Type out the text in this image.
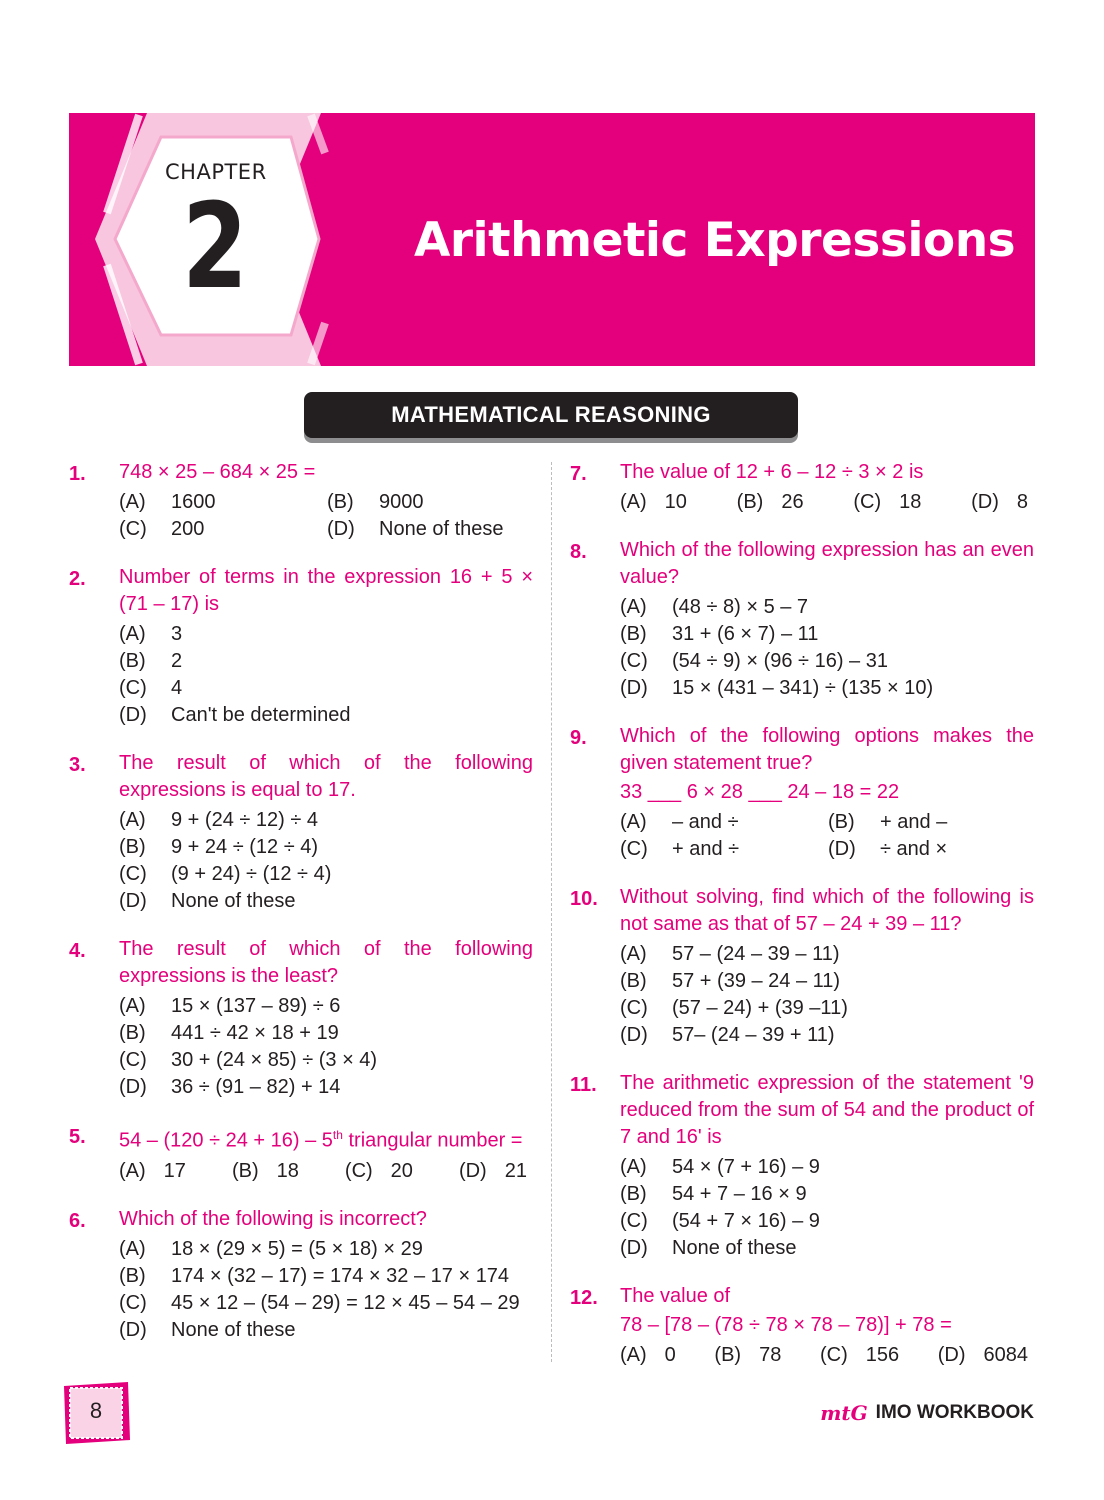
CHAPTER
2	Arithmetic Expressions
MATHEMATICAL REASONING
1. 748 × 25 – 684 × 25 =
(A)	1600	(B)	9000
(C)	200	(D)	None of these
2. Number of terms in the expression 16 + 5 × (71 – 17) is
(A)	3
(B)	2
(C)	4
(D)	Can't be determined
3. The result of which of the following expressions is equal to 17.
(A)	9 + (24 ÷ 12) ÷ 4
(B)	9 + 24 ÷ (12 ÷ 4)
(C)	(9 + 24) ÷ (12 ÷ 4)
(D)	None of these
4. The result of which of the following expressions is the least?
(A)	15 × (137 – 89) ÷ 6
(B)	441 ÷ 42 × 18 + 19
(C)	30 + (24 × 85) ÷ (3 × 4)
(D)	36 ÷ (91 – 82) + 14
5. 54 – (120 ÷ 24 + 16) – 5th triangular number =
(A) 17 (B) 18 (C) 20 (D) 21
6. Which of the following is incorrect?
(A)	18 × (29 × 5) = (5 × 18) × 29
(B)	174 × (32 – 17) = 174 × 32 – 17 × 174
(C)	45 × 12 – (54 – 29) = 12 × 45 – 54 – 29
(D)	None of these
7. The value of 12 + 6 – 12 ÷ 3 × 2 is
(A) 10 (B) 26 (C) 18 (D) 8
8. Which of the following expression has an even value?
(A)	(48 ÷ 8) × 5 – 7
(B)	31 + (6 × 7) – 11
(C)	(54 ÷ 9) × (96 ÷ 16) – 31
(D)	15 × (431 – 341) ÷ (135 × 10)
9. Which of the following options makes the given statement true?
33 ___ 6 × 28 ___ 24 – 18 = 22
(A)	– and ÷	(B)	+ and –
(C)	+ and ÷	(D)	÷ and ×
10. Without solving, find which of the following is not same as that of 57 – 24 + 39 – 11?
(A)	57 – (24 – 39 – 11)
(B)	57 + (39 – 24 – 11)
(C)	(57 – 24) + (39 –11)
(D)	57– (24 – 39 + 11)
11. The arithmetic expression of the statement '9 reduced from the sum of 54 and the product of 7 and 16' is
(A)	54 × (7 + 16) – 9
(B)	54 + 7 – 16 × 9
(C)	(54 + 7 × 16) – 9
(D)	None of these
12. The value of
78 – [78 – (78 ÷ 78 × 78 – 78)] + 78 =
(A) 0 (B) 78 (C) 156 (D) 6084
8	mtG IMO WORKBOOK
